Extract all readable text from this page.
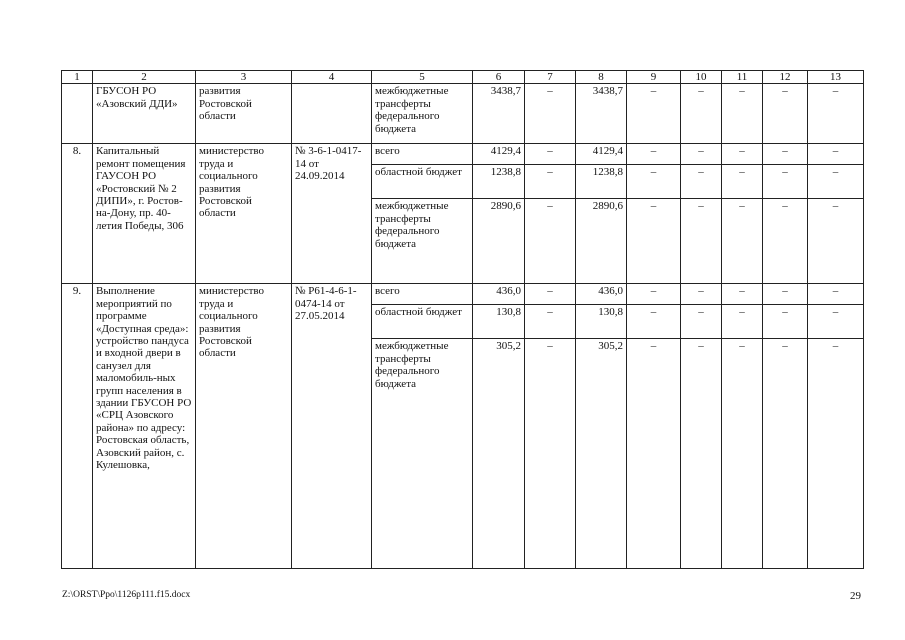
1	2	3	4	5	6	7	8	9	10	11	12	13
	ГБУСОН РО «Азовский ДДИ»	развития Ростовской области		межбюджетные трансферты федерального бюджета	3438,7	–	3438,7	–	–	–	–	–
8.	Капитальный ремонт помещения ГАУСОН РО «Ростовский № 2 ДИПИ», г. Ростов-на-Дону, пр. 40-летия Победы, 306	министерство труда и социального развития Ростовской области	№ 3-6-1-0417-14 от 24.09.2014	всего	4129,4	–	4129,4	–	–	–	–	–
				областной бюджет	1238,8	–	1238,8	–	–	–	–	–
				межбюджетные трансферты федерального бюджета	2890,6	–	2890,6	–	–	–	–	–
9.	Выполнение мероприятий по программе «Доступная среда»: устройство пандуса и входной двери в санузел для маломобиль-ных групп населения в здании ГБУСОН РО «СРЦ Азовского района» по адресу: Ростовская область, Азовский район, с. Кулешовка,	министерство труда и социального развития Ростовской области	№ Р61-4-6-1-0474-14 от 27.05.2014	всего	436,0	–	436,0	–	–	–	–	–
				областной бюджет	130,8	–	130,8	–	–	–	–	–
				межбюджетные трансферты федерального бюджета	305,2	–	305,2	–	–	–	–	–
Z:\ORST\Ppo\1126p111.f15.docx	29
